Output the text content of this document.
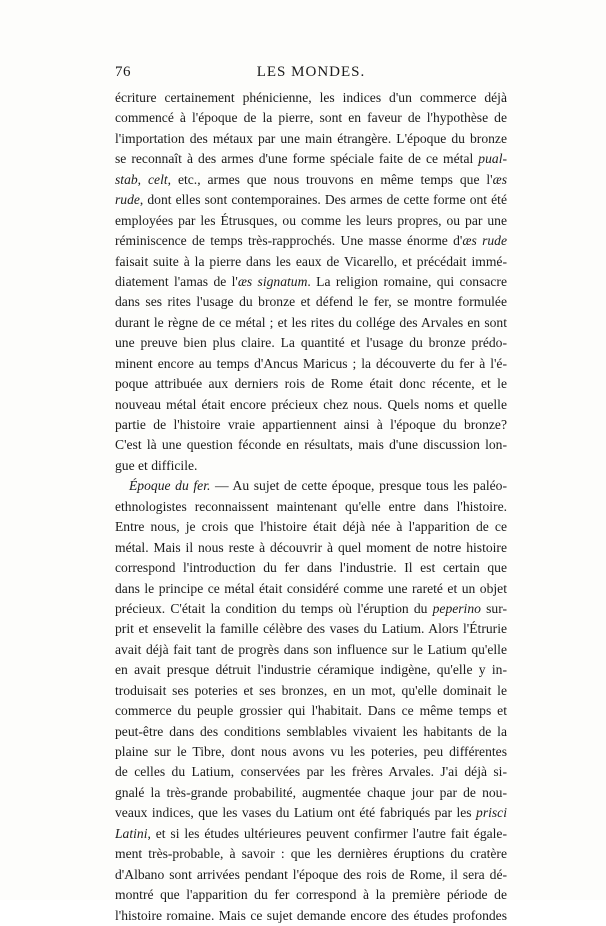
76	LES MONDES.
écriture certainement phénicienne, les indices d'un commerce déjà
commencé à l'époque de la pierre, sont en faveur de l'hypothèse de
l'importation des métaux par une main étrangère. L'époque du bronze
se reconnaît à des armes d'une forme spéciale faite de ce métal pual-
stab, celt, etc., armes que nous trouvons en même temps que l'æs
rude, dont elles sont contemporaines. Des armes de cette forme ont été
employées par les Étrusques, ou comme les leurs propres, ou par une
réminiscence de temps très-rapprochés. Une masse énorme d'æs rude
faisait suite à la pierre dans les eaux de Vicarello, et précédait immé-
diatement l'amas de l'æs signatum. La religion romaine, qui consacre
dans ses rites l'usage du bronze et défend le fer, se montre formulée
durant le règne de ce métal ; et les rites du collége des Arvales en sont
une preuve bien plus claire. La quantité et l'usage du bronze prédo-
minent encore au temps d'Ancus Maricus ; la découverte du fer à l'é-
poque attribuée aux derniers rois de Rome était donc récente, et le
nouveau métal était encore précieux chez nous. Quels noms et quelle
partie de l'histoire vraie appartiennent ainsi à l'époque du bronze?
C'est là une question féconde en résultats, mais d'une discussion lon-
gue et difficile.
Époque du fer. — Au sujet de cette époque, presque tous les paléo-
ethnologistes reconnaissent maintenant qu'elle entre dans l'histoire.
Entre nous, je crois que l'histoire était déjà née à l'apparition de ce
métal. Mais il nous reste à découvrir à quel moment de notre histoire
correspond l'introduction du fer dans l'industrie. Il est certain que
dans le principe ce métal était considéré comme une rareté et un objet
précieux. C'était la condition du temps où l'éruption du peperino sur-
prit et ensevelit la famille célèbre des vases du Latium. Alors l'Étrurie
avait déjà fait tant de progrès dans son influence sur le Latium qu'elle
en avait presque détruit l'industrie céramique indigène, qu'elle y in-
troduisait ses poteries et ses bronzes, en un mot, qu'elle dominait le
commerce du peuple grossier qui l'habitait. Dans ce même temps et
peut-être dans des conditions semblables vivaient les habitants de la
plaine sur le Tibre, dont nous avons vu les poteries, peu différentes
de celles du Latium, conservées par les frères Arvales. J'ai déjà si-
gnalé la très-grande probabilité, augmentée chaque jour par de nou-
veaux indices, que les vases du Latium ont été fabriqués par les prisci
Latini, et si les études ultérieures peuvent confirmer l'autre fait égale-
ment très-probable, à savoir : que les dernières éruptions du cratère
d'Albano sont arrivées pendant l'époque des rois de Rome, il sera dé-
montré que l'apparition du fer correspond à la première période de
l'histoire romaine. Mais ce sujet demande encore des études profondes
